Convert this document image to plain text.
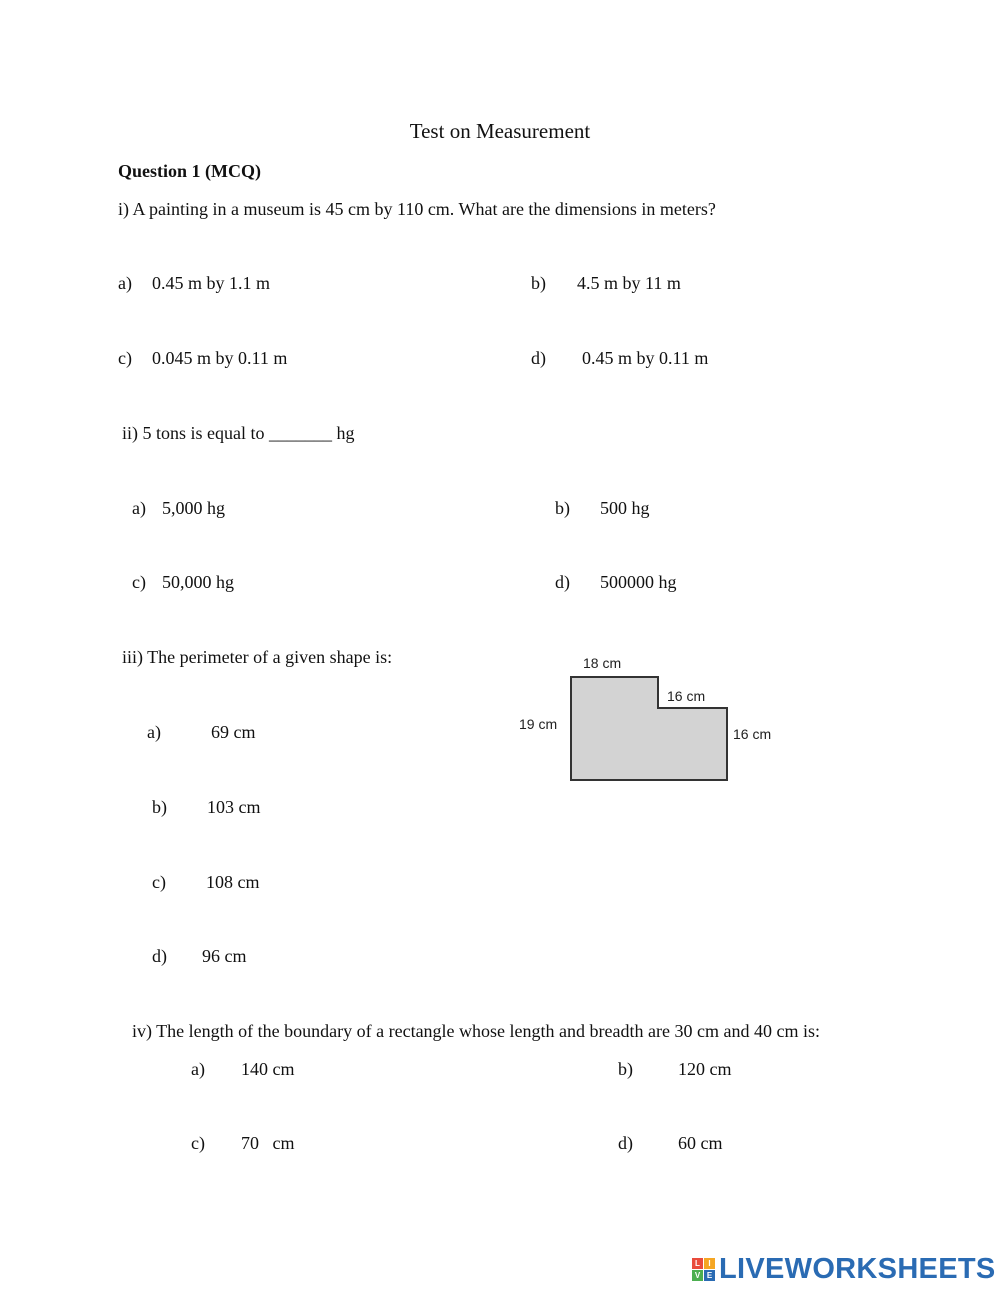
Test on Measurement
Question 1 (MCQ)
i) A painting in a museum is 45 cm by 110 cm. What are the dimensions in meters?
a) 0.45 m by 1.1 m	b) 4.5 m by 11 m
c) 0.045 m by 0.11 m	d) 0.45 m by 0.11 m
ii) 5 tons is equal to _______ hg
a) 5,000 hg	b) 500 hg
c) 50,000 hg	d) 500000 hg
iii) The perimeter of a given shape is:	18 cm
16 cm
19 cm
16 cm
a)	69 cm
b) 103 cm
c) 108 cm
d) 96 cm
iv) The length of the boundary of a rectangle whose length and breadth are 30 cm and 40 cm is:
a) 140 cm	b)	120 cm
c) 70   cm	d)	60 cm
L	I
V E LIVEWORKSHEETS
